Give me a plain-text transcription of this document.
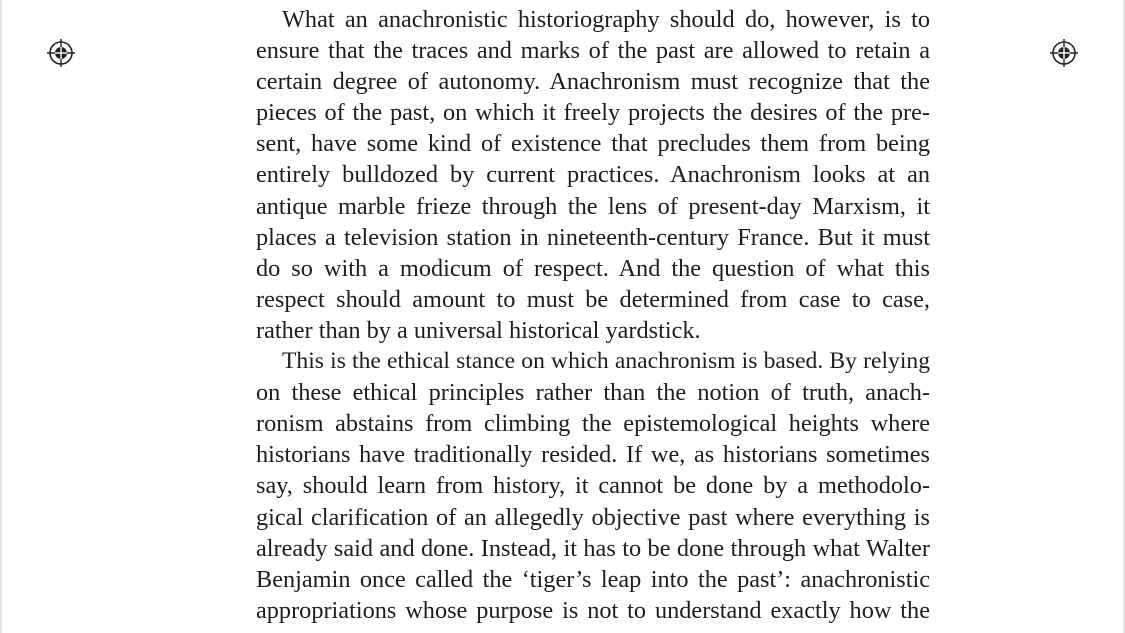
What an anachronistic historiography should do, however, is to
ensure that the traces and marks of the past are allowed to retain a
certain degree of autonomy. Anachronism must recognize that the
pieces of the past, on which it freely projects the desires of the pre-
sent, have some kind of existence that precludes them from being
entirely bulldozed by current practices. Anachronism looks at an
antique marble frieze through the lens of present-day Marxism, it
places a television station in nineteenth-century France. But it must
do so with a modicum of respect. And the question of what this
respect should amount to must be determined from case to case,
rather than by a universal historical yardstick.
This is the ethical stance on which anachronism is based. By relying
on these ethical principles rather than the notion of truth, anach-
ronism abstains from climbing the epistemological heights where
historians have traditionally resided. If we, as historians sometimes
say, should learn from history, it cannot be done by a methodolo-
gical clarification of an allegedly objective past where everything is
already said and done. Instead, it has to be done through what Walter
Benjamin once called the ‘tiger’s leap into the past’: anachronistic
appropriations whose purpose is not to understand exactly how the
